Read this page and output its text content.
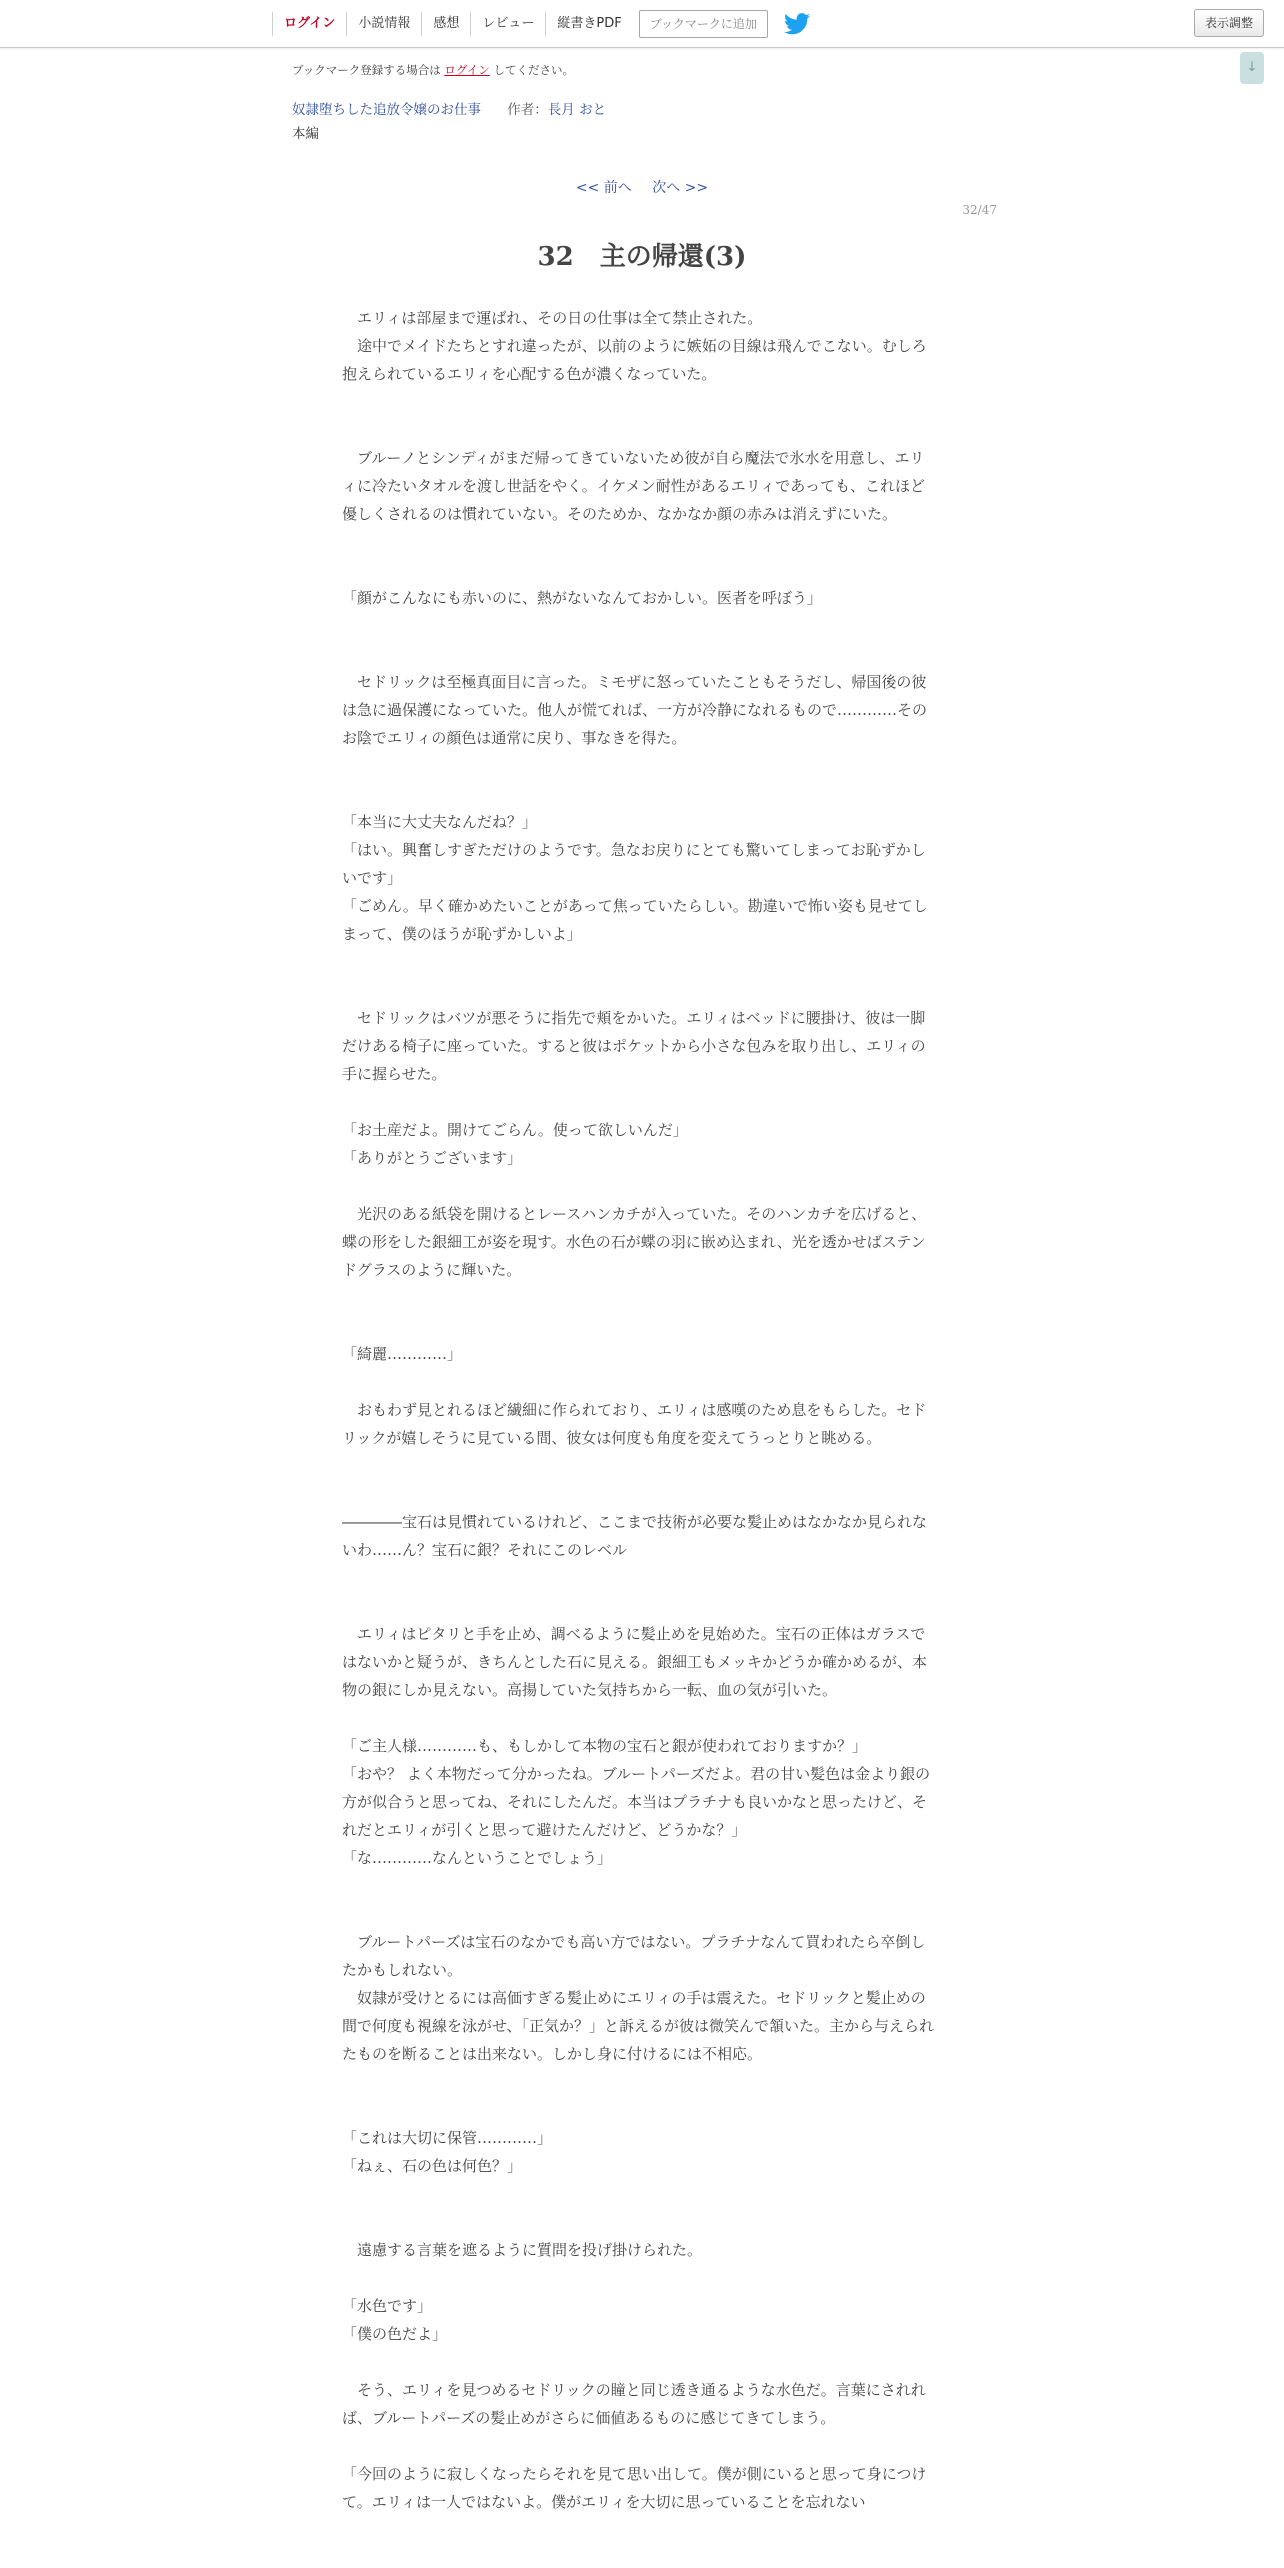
ログイン	小説情報	感想	レビュー	縦書きPDF	ブックマークに追加	表示調整
↓
ブックマーク登録する場合は ログイン してください。
奴隷堕ちした追放令嬢のお仕事 作者：長月 おと
本編
<< 前へ 次へ >>
32/47
32　主の帰還(3)

　エリィは部屋まで運ばれ、その日の仕事は全て禁止された。

　途中でメイドたちとすれ違ったが、以前のように嫉妬の目線は飛んでこない。むしろ抱えられているエリィを心配する色が濃くなっていた。

　ブルーノとシンディがまだ帰ってきていないため彼が自ら魔法で氷水を用意し、エリィに冷たいタオルを渡し世話をやく。イケメン耐性があるエリィであっても、これほど優しくされるのは慣れていない。そのためか、なかなか顔の赤みは消えずにいた。

「顔がこんなにも赤いのに、熱がないなんておかしい。医者を呼ぼう」

　セドリックは至極真面目に言った。ミモザに怒っていたこともそうだし、帰国後の彼は急に過保護になっていた。他人が慌てれば、一方が冷静になれるもので…………そのお陰でエリィの顔色は通常に戻り、事なきを得た。

「本当に大丈夫なんだね？」

「はい。興奮しすぎただけのようです。急なお戻りにとても驚いてしまってお恥ずかしいです」

「ごめん。早く確かめたいことがあって焦っていたらしい。勘違いで怖い姿も見せてしまって、僕のほうが恥ずかしいよ」

　セドリックはバツが悪そうに指先で頬をかいた。エリィはベッドに腰掛け、彼は一脚だけある椅子に座っていた。すると彼はポケットから小さな包みを取り出し、エリィの手に握らせた。

「お土産だよ。開けてごらん。使って欲しいんだ」

「ありがとうございます」

　光沢のある紙袋を開けるとレースハンカチが入っていた。そのハンカチを広げると、蝶の形をした銀細工が姿を現す。水色の石が蝶の羽に嵌め込まれ、光を透かせばステンドグラスのように輝いた。

「綺麗…………」

　おもわず見とれるほど繊細に作られており、エリィは感嘆のため息をもらした。セドリックが嬉しそうに見ている間、彼女は何度も角度を変えてうっとりと眺める。

――――宝石は見慣れているけれど、ここまで技術が必要な髪止めはなかなか見られないわ……ん？宝石に銀？それにこのレベル

　エリィはピタリと手を止め、調べるように髪止めを見始めた。宝石の正体はガラスではないかと疑うが、きちんとした石に見える。銀細工もメッキかどうか確かめるが、本物の銀にしか見えない。高揚していた気持ちから一転、血の気が引いた。

「ご主人様…………も、もしかして本物の宝石と銀が使われておりますか？」

「おや？ よく本物だって分かったね。ブルートパーズだよ。君の甘い髪色は金より銀の方が似合うと思ってね、それにしたんだ。本当はプラチナも良いかなと思ったけど、それだとエリィが引くと思って避けたんだけど、どうかな？」

「な…………なんということでしょう」

　ブルートパーズは宝石のなかでも高い方ではない。プラチナなんて買われたら卒倒したかもしれない。

　奴隷が受けとるには高価すぎる髪止めにエリィの手は震えた。セドリックと髪止めの間で何度も視線を泳がせ、「正気か？」と訴えるが彼は微笑んで頷いた。主から与えられたものを断ることは出来ない。しかし身に付けるには不相応。

「これは大切に保管…………」

「ねぇ、石の色は何色？」

　遠慮する言葉を遮るように質問を投げ掛けられた。

「水色です」

「僕の色だよ」

　そう、エリィを見つめるセドリックの瞳と同じ透き通るような水色だ。言葉にされれば、ブルートパーズの髪止めがさらに価値あるものに感じてきてしまう。

「今回のように寂しくなったらそれを見て思い出して。僕が側にいると思って身につけて。エリィは一人ではないよ。僕がエリィを大切に思っていることを忘れない
